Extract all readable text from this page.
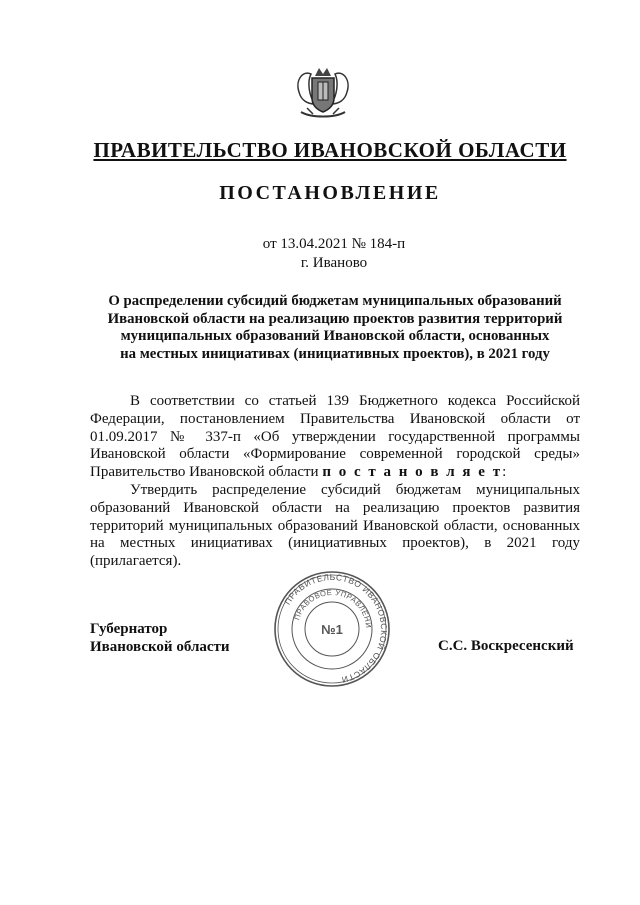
ПРАВИТЕЛЬСТВО ИВАНОВСКОЙ ОБЛАСТИ
ПОСТАНОВЛЕНИЕ
от 13.04.2021 № 184-п
г. Иваново
О распределении субсидий бюджетам муниципальных образований
Ивановской области на реализацию проектов развития территорий
муниципальных образований Ивановской области, основанных
на местных инициативах (инициативных проектов), в 2021 году

В соответствии со статьей 139 Бюджетного кодекса Российской Федерации, постановлением Правительства Ивановской области от 01.09.2017 № 337-п «Об утверждении государственной программы Ивановской области «Формирование современной городской среды» Правительство Ивановской области п о с т а н о в л я е т:

Утвердить распределение субсидий бюджетам муниципальных образований Ивановской области на реализацию проектов развития территорий муниципальных образований Ивановской области, основанных на местных инициативах (инициативных проектов), в 2021 году (прилагается).

Губернатор
Ивановской области	С.С. Воскресенский
ПРАВИТЕЛЬСТВО ИВАНОВСКОЙ ОБЛАСТИ
ПРАВОВОЕ УПРАВЛЕНИ
№1
